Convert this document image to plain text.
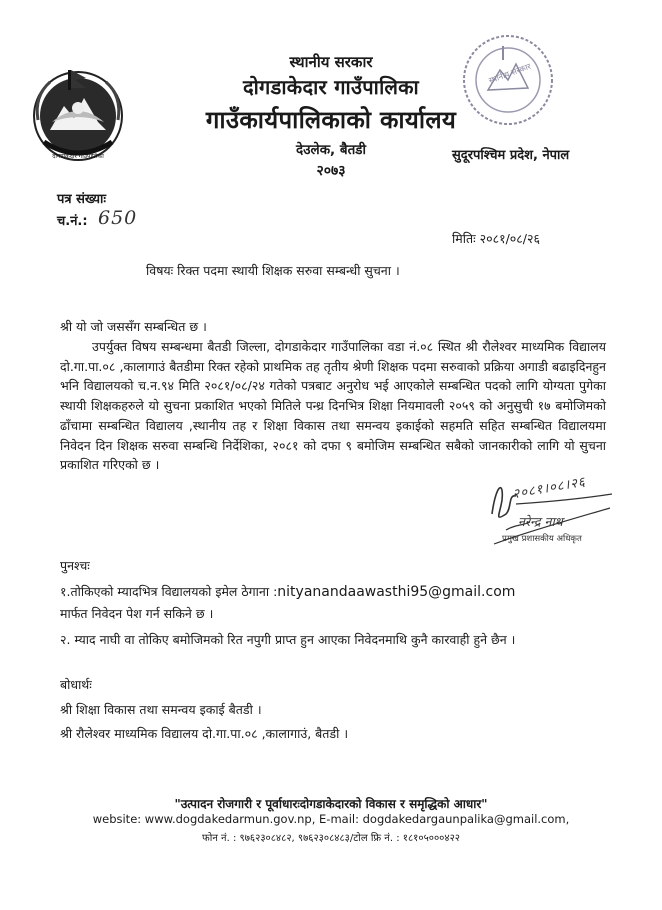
दोगडाकेदार गाउँपालिका
स्थानीय सरकार
स्थानीय सरकार
दोगडाकेदार गाउँपालिका
गाउँकार्यपालिकाको कार्यालय
देउलेक, बैतडी
२०७३
सुदूरपश्चिम प्रदेश, नेपाल
पत्र संख्याः
च.नं.: 650
मितिः २०८१/०८/२६
विषयः रिक्त पदमा स्थायी शिक्षक सरुवा सम्बन्धी सुचना ।
श्री यो जो जससँग सम्बन्धित छ ।
उपर्युक्त विषय सम्बन्धमा बैतडी जिल्ला, दोगडाकेदार गाउँपालिका वडा नं.०८ स्थित श्री रौलेश्वर माध्यमिक विद्यालय दो.गा.पा.०८ ,कालागाउं बैतडीमा रिक्त रहेको प्राथमिक तह तृतीय श्रेणी शिक्षक पदमा सरुवाको प्रक्रिया अगाडी बढाइदिनहुन भनि विद्यालयको च.न.९४ मिति २०८१/०८/२४ गतेको पत्रबाट अनुरोध भई आएकोले सम्बन्धित पदको लागि योग्यता पुगेका स्थायी शिक्षकहरुले यो सुचना प्रकाशित भएको मितिले पन्ध्र दिनभित्र शिक्षा नियमावली २०५९ को अनुसुची १७ बमोजिमको ढाँचामा सम्बन्धित विद्यालय ,स्थानीय तह र शिक्षा विकास तथा समन्वय इकाईको सहमति सहित सम्बन्धित विद्यालयमा निवेदन दिन शिक्षक सरुवा सम्बन्धि निर्देशिका, २०८१ को दफा ९ बमोजिम सम्बन्धित सबैको जानकारीको लागि यो सुचना प्रकाशित गरिएको छ ।
२०८१।०८।२६
नरेन्द्र नाथ
प्रमुख प्रशासकीय अधिकृत
पुनश्चः
१.तोकिएको म्यादभित्र विद्यालयको इमेल ठेगाना :nityanandaawasthi95@gmail.com
मार्फत निवेदन पेश गर्न सकिने छ ।
२. म्याद नाघी वा तोकिए बमोजिमको रित नपुगी प्राप्त हुन आएका निवेदनमाथि कुनै कारवाही हुने छैन ।
बोधार्थः
श्री शिक्षा विकास तथा समन्वय इकाई बैतडी ।
श्री रौलेश्वर माध्यमिक विद्यालय दो.गा.पा.०८ ,कालागाउं, बैतडी ।
"उत्पादन रोजगारी र पूर्वाधारःदोगडाकेदारको विकास र समृद्धिको आधार"
website: www.dogdakedarmun.gov.np, E-mail: dogdakedargaunpalika@gmail.com,
फोन नं. : ९७६२३०८४८२, ९७६२३०८४८३/टोल फ्रि नं. : १८१०५०००४२२
